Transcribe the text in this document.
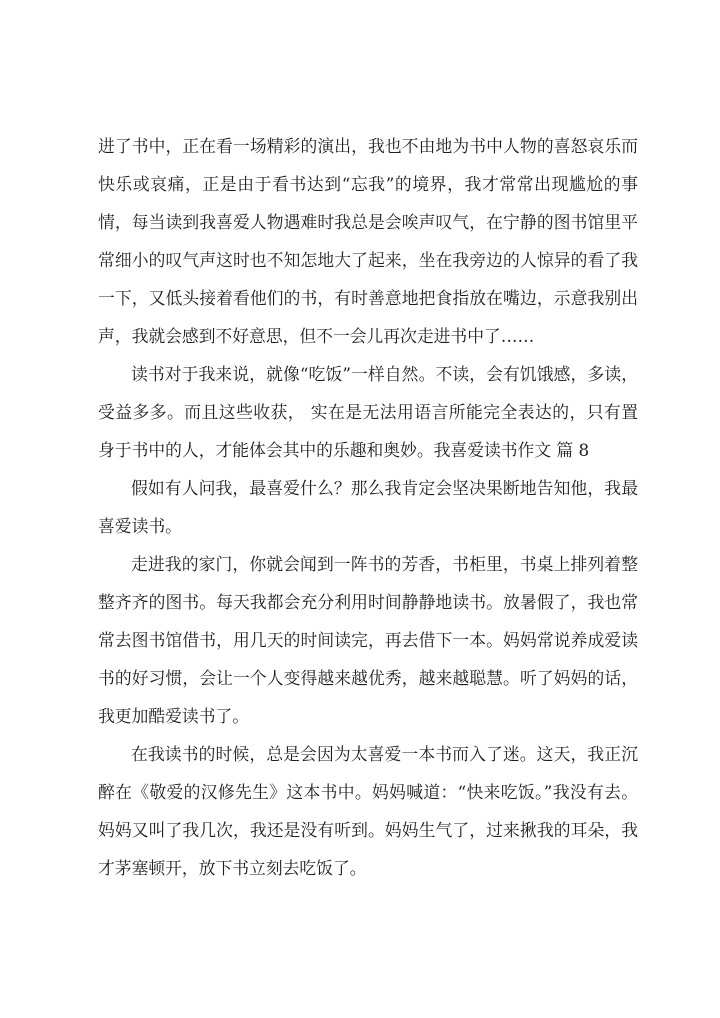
进了书中，正在看一场精彩的演出，我也不由地为书中人物的喜怒哀乐而
快乐或哀痛，正是由于看书达到“忘我”的境界，我才常常出现尴尬的事
情，每当读到我喜爱人物遇难时我总是会唉声叹气，在宁静的图书馆里平
常细小的叹气声这时也不知怎地大了起来，坐在我旁边的人惊异的看了我
一下，又低头接着看他们的书，有时善意地把食指放在嘴边，示意我别出
声，我就会感到不好意思，但不一会儿再次走进书中了……
读书对于我来说，就像“吃饭”一样自然。不读，会有饥饿感，多读，
受益多多。而且这些收获， 实在是无法用语言所能完全表达的，只有置
身于书中的人，才能体会其中的乐趣和奥妙。我喜爱读书作文 篇 8
假如有人问我，最喜爱什么？那么我肯定会坚决果断地告知他，我最
喜爱读书。
走进我的家门，你就会闻到一阵书的芳香，书柜里，书桌上排列着整
整齐齐的图书。每天我都会充分利用时间静静地读书。放暑假了，我也常
常去图书馆借书，用几天的时间读完，再去借下一本。妈妈常说养成爱读
书的好习惯，会让一个人变得越来越优秀，越来越聪慧。听了妈妈的话，
我更加酷爱读书了。
在我读书的时候，总是会因为太喜爱一本书而入了迷。这天，我正沉
醉在《敬爱的汉修先生》这本书中。妈妈喊道：“快来吃饭。”我没有去。
妈妈又叫了我几次，我还是没有听到。妈妈生气了，过来揪我的耳朵，我
才茅塞顿开，放下书立刻去吃饭了。
